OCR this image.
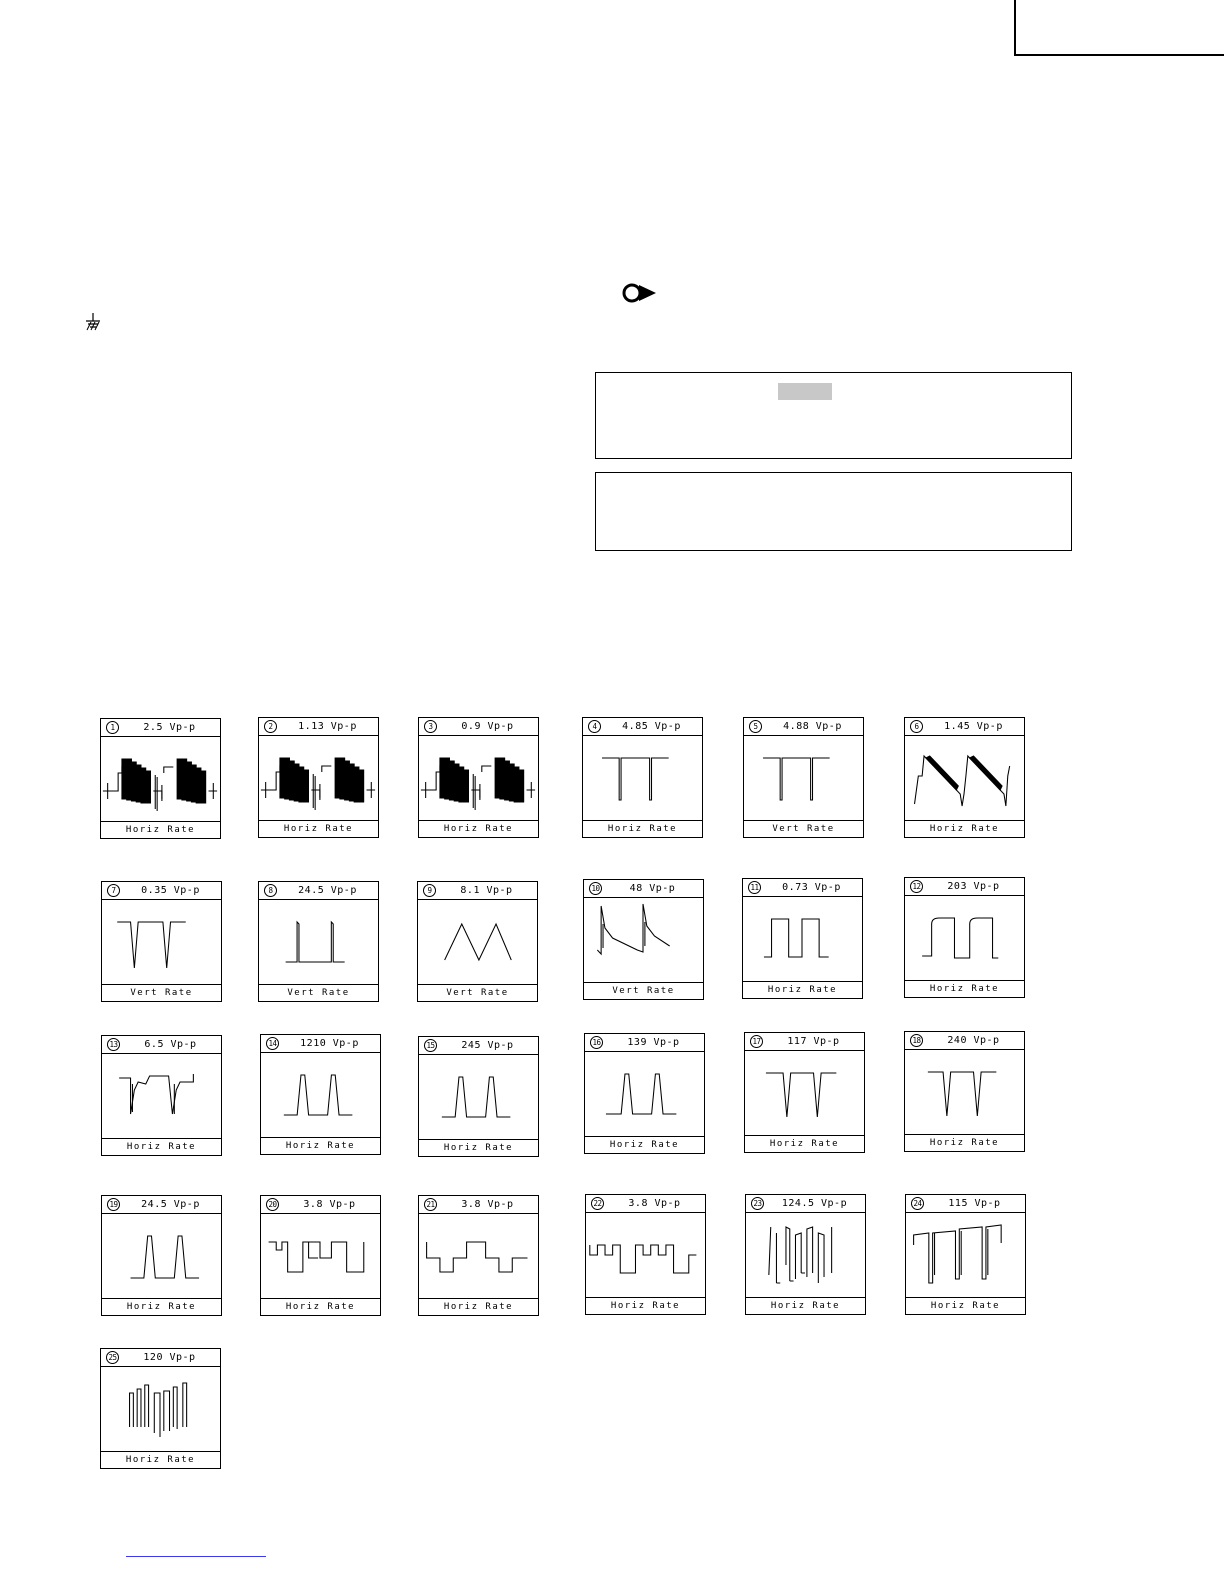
1	2.5 Vp-p
Horiz Rate
2	1.13 Vp-p
Horiz Rate
3	0.9 Vp-p
Horiz Rate
4	4.85 Vp-p
Horiz Rate
5	4.88 Vp-p
Vert Rate
6	1.45 Vp-p
Horiz Rate
7	0.35 Vp-p
Vert Rate
8	24.5 Vp-p
Vert Rate
9	8.1 Vp-p
Vert Rate
10	48 Vp-p
Vert Rate
11	0.73 Vp-p
Horiz Rate
12	203 Vp-p
Horiz Rate
13	6.5 Vp-p
Horiz Rate
14	1210 Vp-p
Horiz Rate
15	245 Vp-p
Horiz Rate
16	139 Vp-p
Horiz Rate
17	117 Vp-p
Horiz Rate
18	240 Vp-p
Horiz Rate
19	24.5 Vp-p
Horiz Rate
20	3.8 Vp-p
Horiz Rate
21	3.8 Vp-p
Horiz Rate
22	3.8 Vp-p
Horiz Rate
23	124.5 Vp-p
Horiz Rate
24	115 Vp-p
Horiz Rate
25	120 Vp-p
Horiz Rate
